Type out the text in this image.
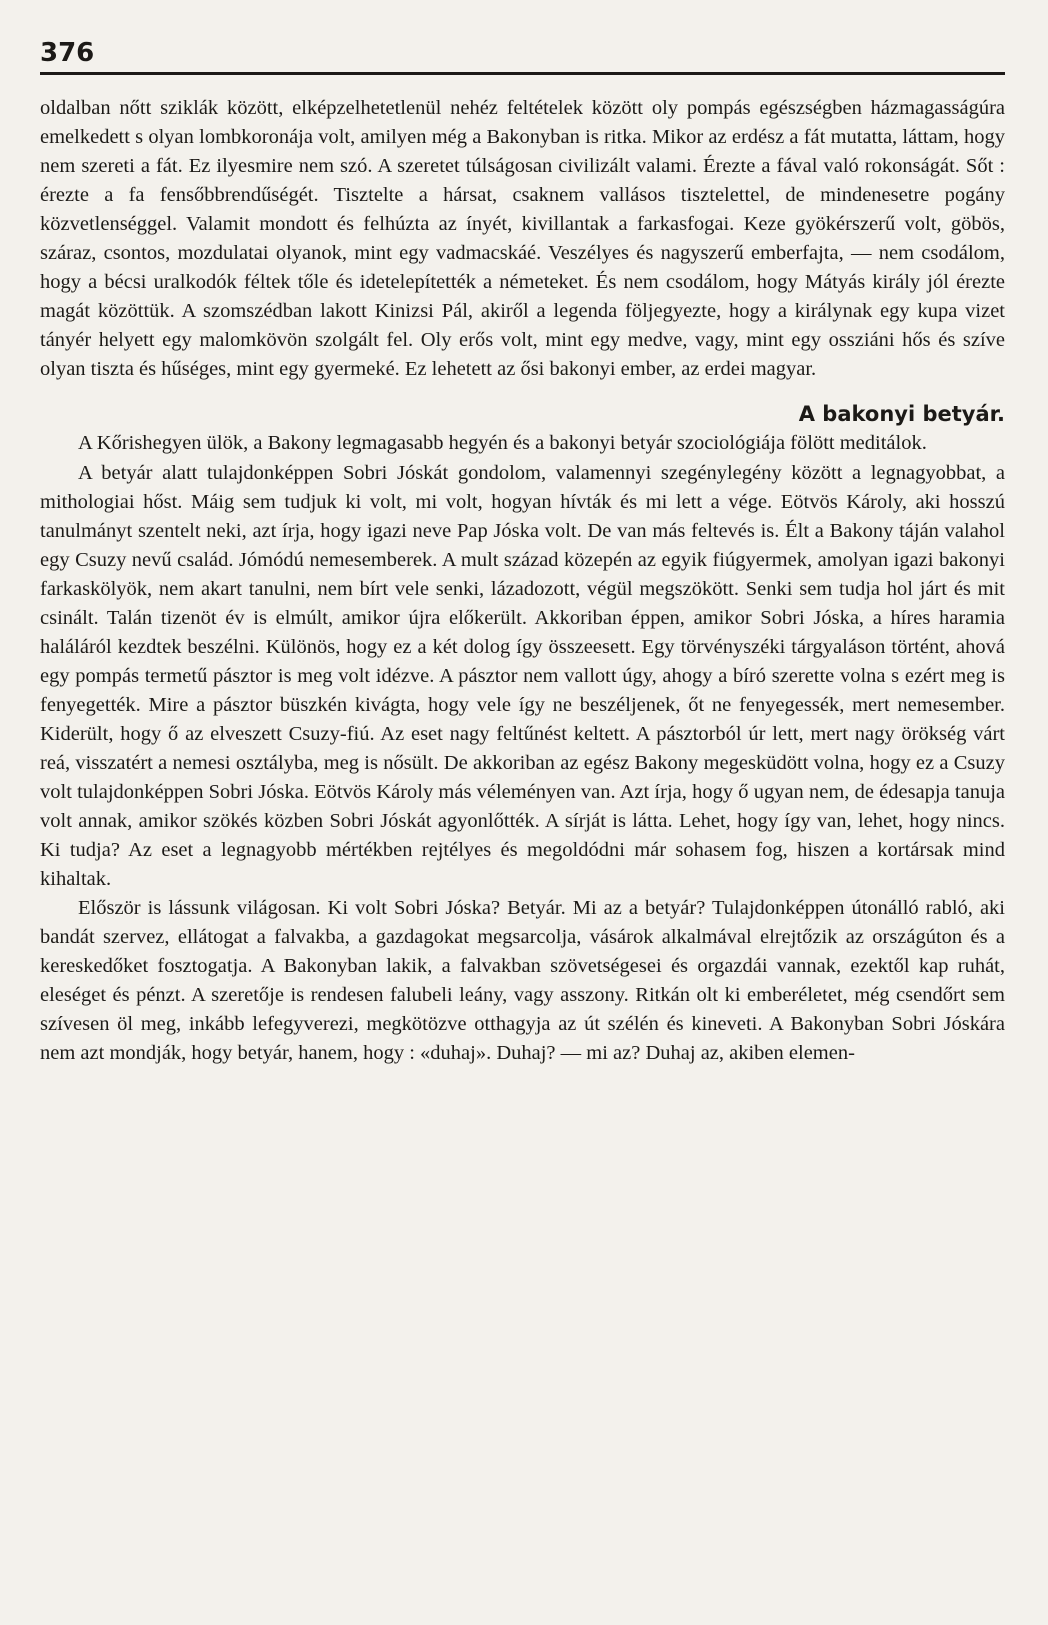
376

oldalban nőtt sziklák között, elképzelhetetlenül nehéz feltételek között oly pompás egészségben házmagasságúra emelkedett s olyan lombkoronája volt, amilyen még a Bakonyban is ritka. Mikor az erdész a fát mutatta, láttam, hogy nem szereti a fát. Ez ilyesmire nem szó. A szeretet túlságosan civilizált valami. Érezte a fával való rokonságát. Sőt : érezte a fa fensőbbrendűségét. Tisztelte a hársat, csaknem vallásos tisztelettel, de mindenesetre pogány közvetlenséggel. Valamit mondott és felhúzta az ínyét, kivillantak a farkasfogai. Keze gyökérszerű volt, göbös, száraz, csontos, mozdulatai olyanok, mint egy vadmacskáé. Veszélyes és nagyszerű emberfajta, — nem csodálom, hogy a bécsi uralkodók féltek tőle és idetelepítették a németeket. És nem csodálom, hogy Mátyás király jól érezte magát közöttük. A szomszédban lakott Kinizsi Pál, akiről a legenda följegyezte, hogy a királynak egy kupa vizet tányér helyett egy malomkövön szolgált fel. Oly erős volt, mint egy medve, vagy, mint egy ossziáni hős és szíve olyan tiszta és hűséges, mint egy gyermeké. Ez lehetett az ősi bakonyi ember, az erdei magyar.

A bakonyi betyár.

A Kőrishegyen ülök, a Bakony legmagasabb hegyén és a bakonyi betyár szociológiája fölött meditálok.

A betyár alatt tulajdonképpen Sobri Jóskát gondolom, valamennyi szegénylegény között a legnagyobbat, a mithologiai hőst. Máig sem tudjuk ki volt, mi volt, hogyan hívták és mi lett a vége. Eötvös Károly, aki hosszú tanulmányt szentelt neki, azt írja, hogy igazi neve Pap Jóska volt. De van más feltevés is. Élt a Bakony táján valahol egy Csuzy nevű család. Jómódú nemesemberek. A mult század közepén az egyik fiúgyermek, amolyan igazi bakonyi farkaskölyök, nem akart tanulni, nem bírt vele senki, lázadozott, végül megszökött. Senki sem tudja hol járt és mit csinált. Talán tizenöt év is elmúlt, amikor újra előkerült. Akkoriban éppen, amikor Sobri Jóska, a híres haramia haláláról kezdtek beszélni. Különös, hogy ez a két dolog így összeesett. Egy törvényszéki tárgyaláson történt, ahová egy pompás termetű pásztor is meg volt idézve. A pásztor nem vallott úgy, ahogy a bíró szerette volna s ezért meg is fenyegették. Mire a pásztor büszkén kivágta, hogy vele így ne beszéljenek, őt ne fenyegessék, mert nemesember. Kiderült, hogy ő az elveszett Csuzy-fiú. Az eset nagy feltűnést keltett. A pásztorból úr lett, mert nagy örökség várt reá, visszatért a nemesi osztályba, meg is nősült. De akkoriban az egész Bakony megesküdött volna, hogy ez a Csuzy volt tulajdonképpen Sobri Jóska. Eötvös Károly más véleményen van. Azt írja, hogy ő ugyan nem, de édesapja tanuja volt annak, amikor szökés közben Sobri Jóskát agyonlőtték. A sírját is látta. Lehet, hogy így van, lehet, hogy nincs. Ki tudja? Az eset a legnagyobb mértékben rejtélyes és megoldódni már sohasem fog, hiszen a kortársak mind kihaltak.

Először is lássunk világosan. Ki volt Sobri Jóska? Betyár. Mi az a betyár? Tulajdonképpen útonálló rabló, aki bandát szervez, ellátogat a falvakba, a gazdagokat megsarcolja, vásárok alkalmával elrejtőzik az országúton és a kereskedőket fosztogatja. A Bakonyban lakik, a falvakban szövetségesei és orgazdái vannak, ezektől kap ruhát, eleséget és pénzt. A szeretője is rendesen falubeli leány, vagy asszony. Ritkán olt ki emberéletet, még csendőrt sem szívesen öl meg, inkább lefegyverezi, megkötözve otthagyja az út szélén és kineveti. A Bakonyban Sobri Jóskára nem azt mondják, hogy betyár, hanem, hogy : «duhaj». Duhaj? — mi az? Duhaj az, akiben elemen-
